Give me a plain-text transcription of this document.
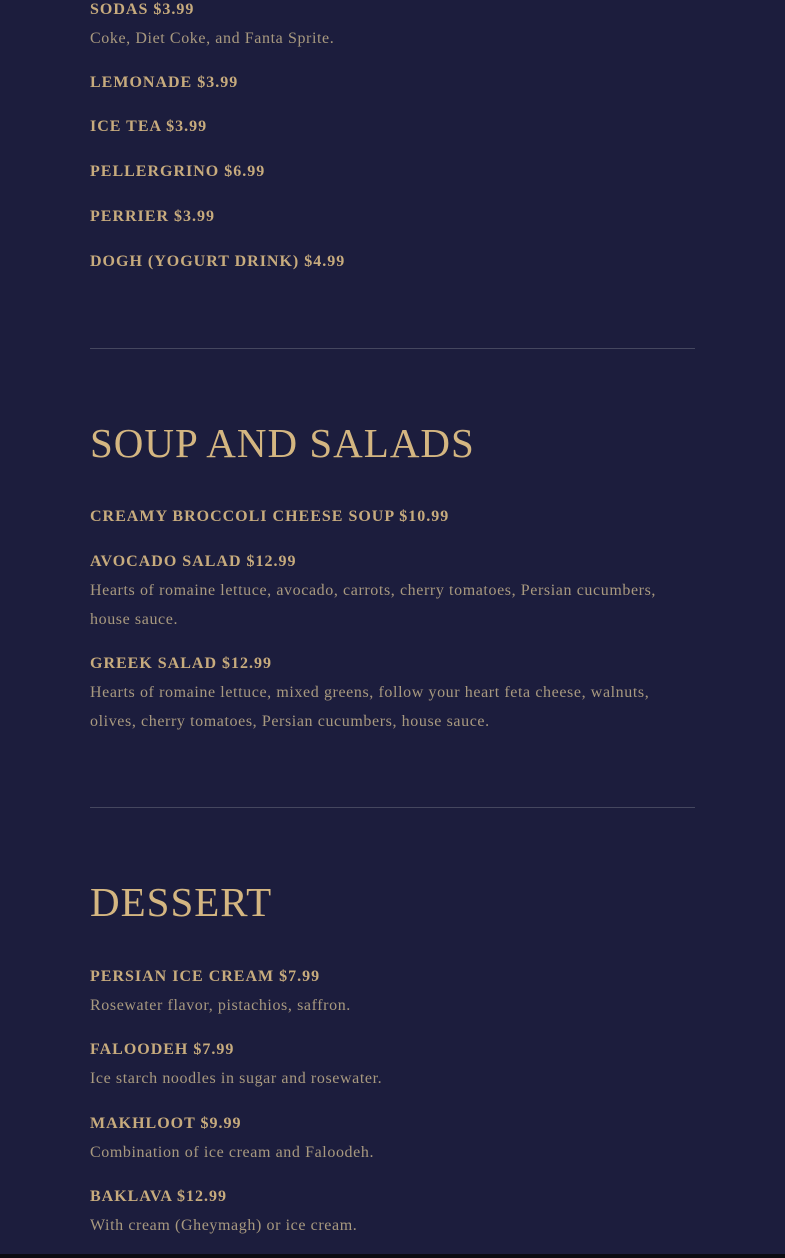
SODAS $3.99
Coke, Diet Coke, and Fanta Sprite.
LEMONADE $3.99
ICE TEA $3.99
PELLERGRINO $6.99
PERRIER $3.99
DOGH (YOGURT DRINK) $4.99
SOUP AND SALADS
CREAMY BROCCOLI CHEESE SOUP $10.99
AVOCADO SALAD $12.99
Hearts of romaine lettuce, avocado, carrots, cherry tomatoes, Persian cucumbers, house sauce.
GREEK SALAD $12.99
Hearts of romaine lettuce, mixed greens, follow your heart feta cheese, walnuts, olives, cherry tomatoes, Persian cucumbers, house sauce.
DESSERT
PERSIAN ICE CREAM $7.99
Rosewater flavor, pistachios, saffron.
FALOODEH $7.99
Ice starch noodles in sugar and rosewater.
MAKHLOOT $9.99
Combination of ice cream and Faloodeh.
BAKLAVA $12.99
With cream (Gheymagh) or ice cream.
